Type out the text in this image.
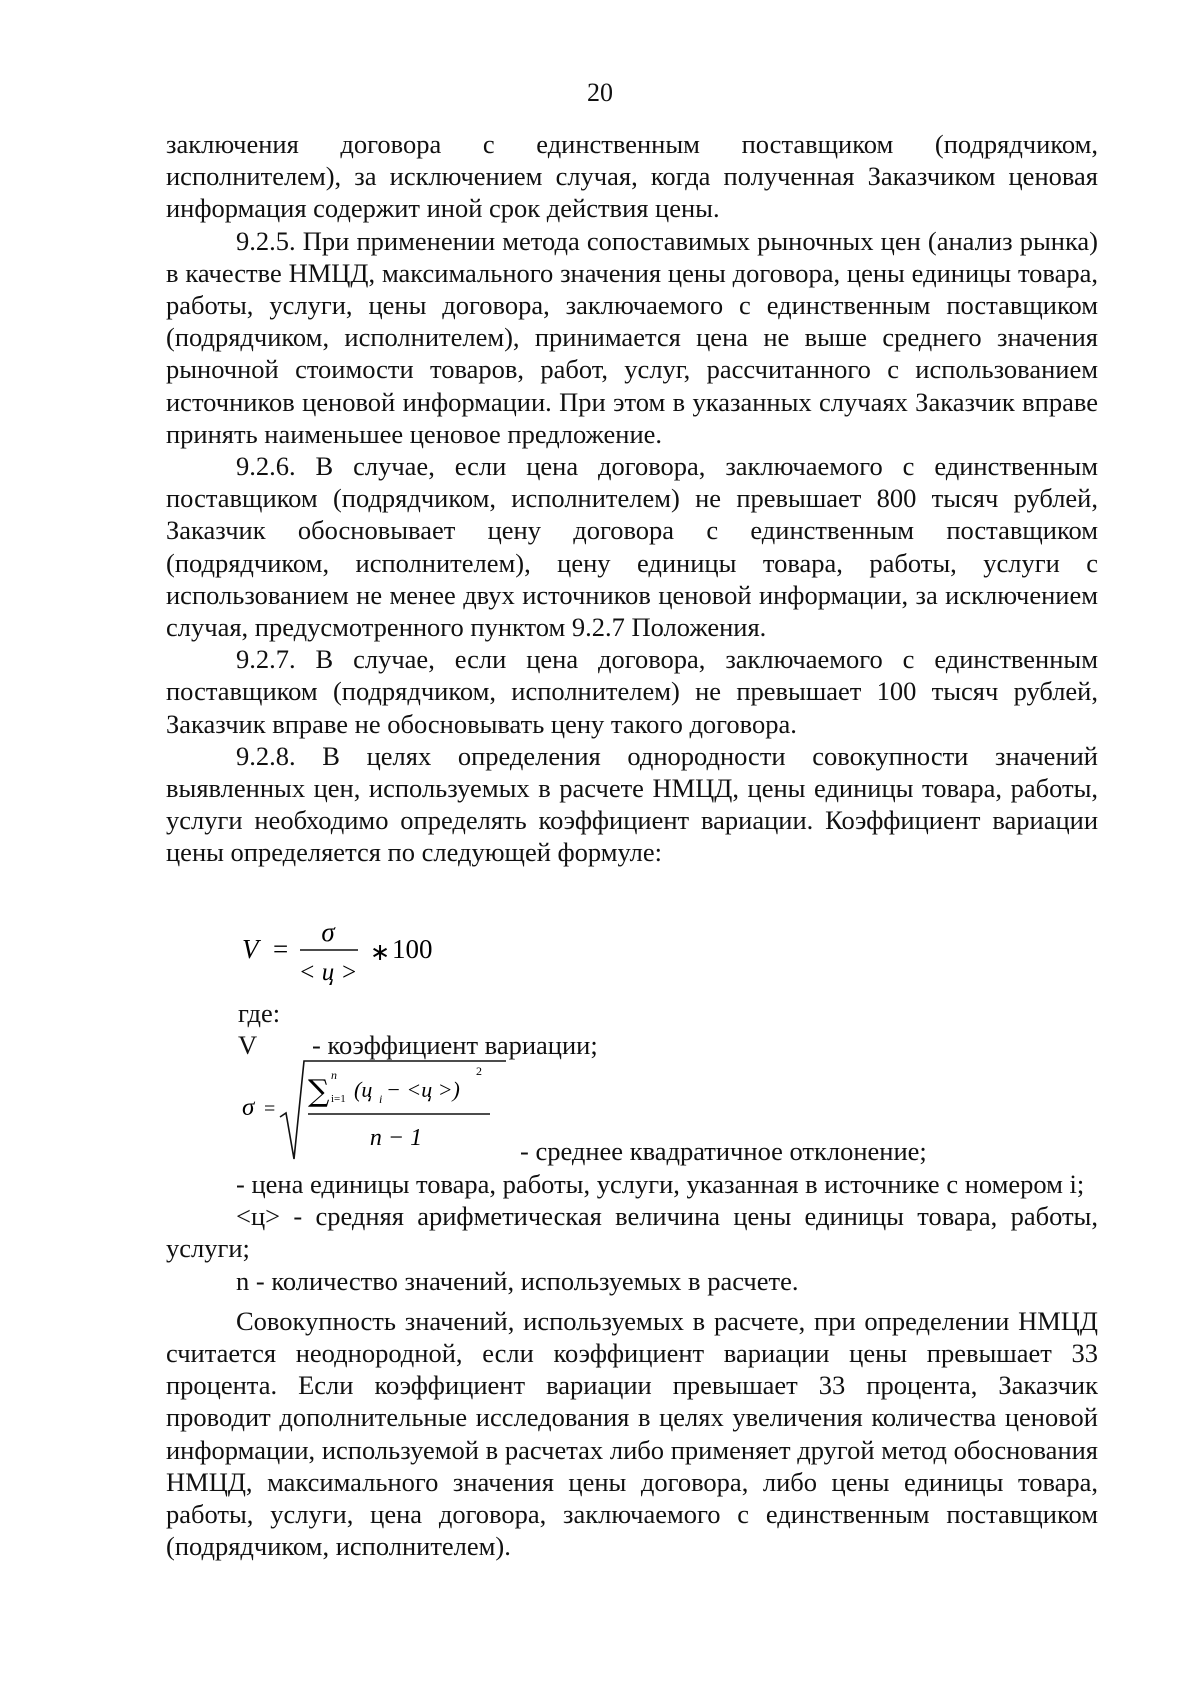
20

заключения договора с единственным поставщиком (подрядчиком, исполнителем), за исключением случая, когда полученная Заказчиком ценовая информация содержит иной срок действия цены.

9.2.5. При применении метода сопоставимых рыночных цен (анализ рынка) в качестве НМЦД, максимального значения цены договора, цены единицы товара, работы, услуги, цены договора, заключаемого с единственным поставщиком (подрядчиком, исполнителем), принимается цена не выше среднего значения рыночной стоимости товаров, работ, услуг, рассчитанного с использованием источников ценовой информации. При этом в указанных случаях Заказчик вправе принять наименьшее ценовое предложение.

9.2.6. В случае, если цена договора, заключаемого с единственным поставщиком (подрядчиком, исполнителем) не превышает 800 тысяч рублей, Заказчик обосновывает цену договора с единственным поставщиком (подрядчиком, исполнителем), цену единицы товара, работы, услуги с использованием не менее двух источников ценовой информации, за исключением случая, предусмотренного пунктом 9.2.7 Положения.

9.2.7. В случае, если цена договора, заключаемого с единственным поставщиком (подрядчиком, исполнителем) не превышает 100 тысяч рублей, Заказчик вправе не обосновывать цену такого договора.

9.2.8. В целях определения однородности совокупности значений выявленных цен, используемых в расчете НМЦД, цены единицы товара, работы, услуги необходимо определять коэффициент вариации. Коэффициент вариации цены определяется по следующей формуле:

V =
σ
< ц >
∗ 100
где:
V - коэффициент вариации;
σ = ∑ n
i=1 (ц i − <ц >)
2
n − 1	- среднее квадратичное отклонение;

- цена единицы товара, работы, услуги, указанная в источнике с номером i;

<ц> - средняя арифметическая величина цены единицы товара, работы, услуги;

n - количество значений, используемых в расчете.

Совокупность значений, используемых в расчете, при определении НМЦД считается неоднородной, если коэффициент вариации цены превышает 33 процента. Если коэффициент вариации превышает 33 процента, Заказчик проводит дополнительные исследования в целях увеличения количества ценовой информации, используемой в расчетах либо применяет другой метод обоснования НМЦД, максимального значения цены договора, либо цены единицы товара, работы, услуги, цена договора, заключаемого с единственным поставщиком (подрядчиком, исполнителем).
